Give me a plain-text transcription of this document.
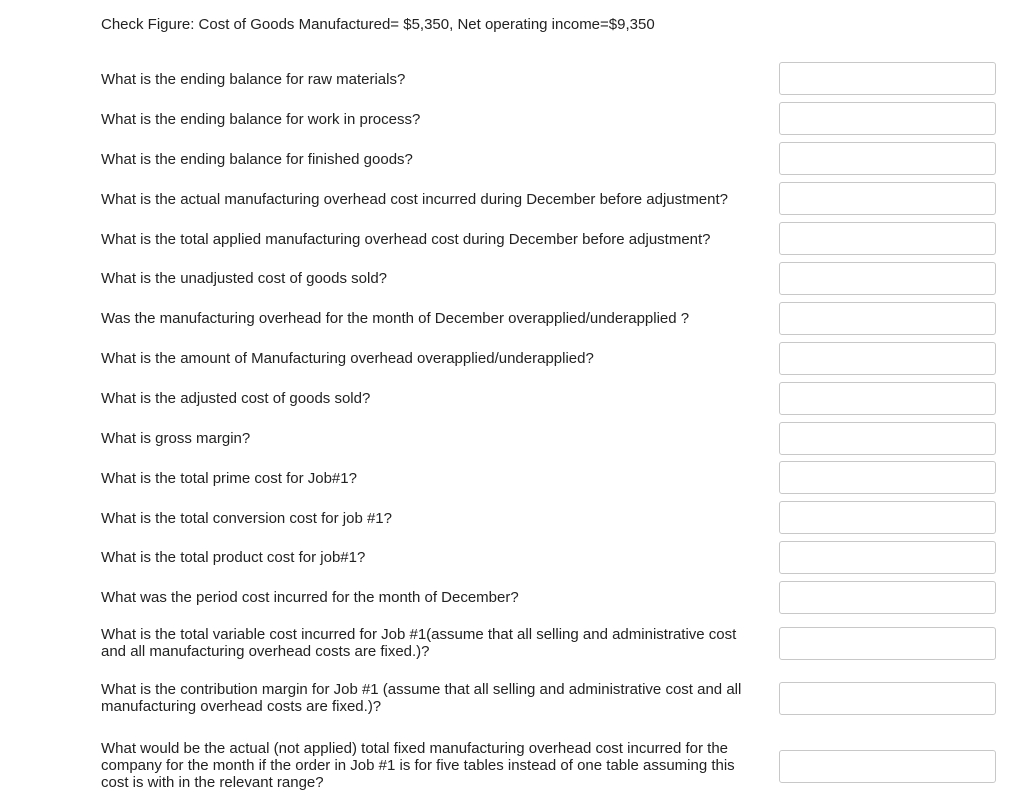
Check Figure: Cost of Goods Manufactured= $5,350, Net operating income=$9,350
What is the ending balance for raw materials?
What is the ending balance for work in process?
What is the ending balance for finished goods?
What is the actual manufacturing overhead cost incurred during December before adjustment?
What is the total applied manufacturing overhead cost during December before adjustment?
What is the unadjusted cost of goods sold?
Was the manufacturing overhead for the month of December overapplied/underapplied ?
What is the amount of Manufacturing overhead overapplied/underapplied?
What is the adjusted cost of goods sold?
What is gross margin?
What is the total prime cost for Job#1?
What is the total conversion cost for job #1?
What is the total product cost for job#1?
What was the period cost incurred for the month of December?
What is the total variable cost incurred for Job #1(assume that all selling and administrative cost and all manufacturing overhead costs are fixed.)?
What is the contribution margin for Job #1 (assume that all selling and administrative cost and all manufacturing overhead costs are fixed.)?
What would be the actual (not applied) total fixed manufacturing overhead cost incurred for the company for the month if the order in Job #1 is for five tables instead of one table assuming this cost is with in the relevant range?
